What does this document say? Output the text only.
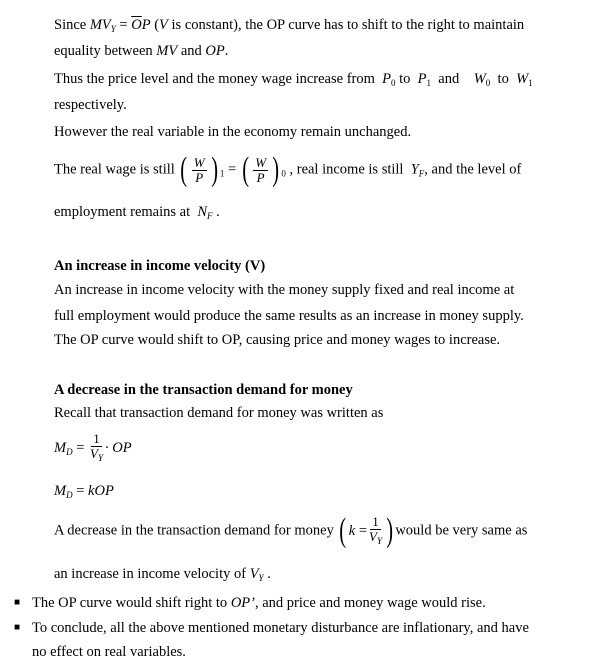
Since $MV_Y = \overline{O}P$ (V is constant), the OP curve has to shift to the right to maintain
equality between MV and OP.
Thus the price level and the money wage increase from $P_0$ to $P_1$ and $W_0$ to $W_1$
respectively.
However the real variable in the economy remain unchanged.
The real wage is still ( $\frac{W}{P}$ ) $_1$ = ( $\frac{W}{P}$ ) $_0$ , real income is still $Y_F$, and the level of
employment remains at $N_F$ .
An increase in income velocity (V)
An increase in income velocity with the money supply fixed and real income at
full employment would produce the same results as an increase in money supply.
The OP curve would shift to OP, causing price and money wages to increase.
A decrease in the transaction demand for money
Recall that transaction demand for money was written as
$M_D = \frac{1}{V_Y}$ · OP
$M_D$ = kOP
A decrease in the transaction demand for money ( k
= $\frac{1}{V_Y}$ ) would be very same as
an increase in income velocity of $V_Y$ .
■ The OP curve would shift right to OP’, and price and money wage would rise.
■ To conclude, all the above mentioned monetary disturbance are inflationary, and have
no effect on real variables.
